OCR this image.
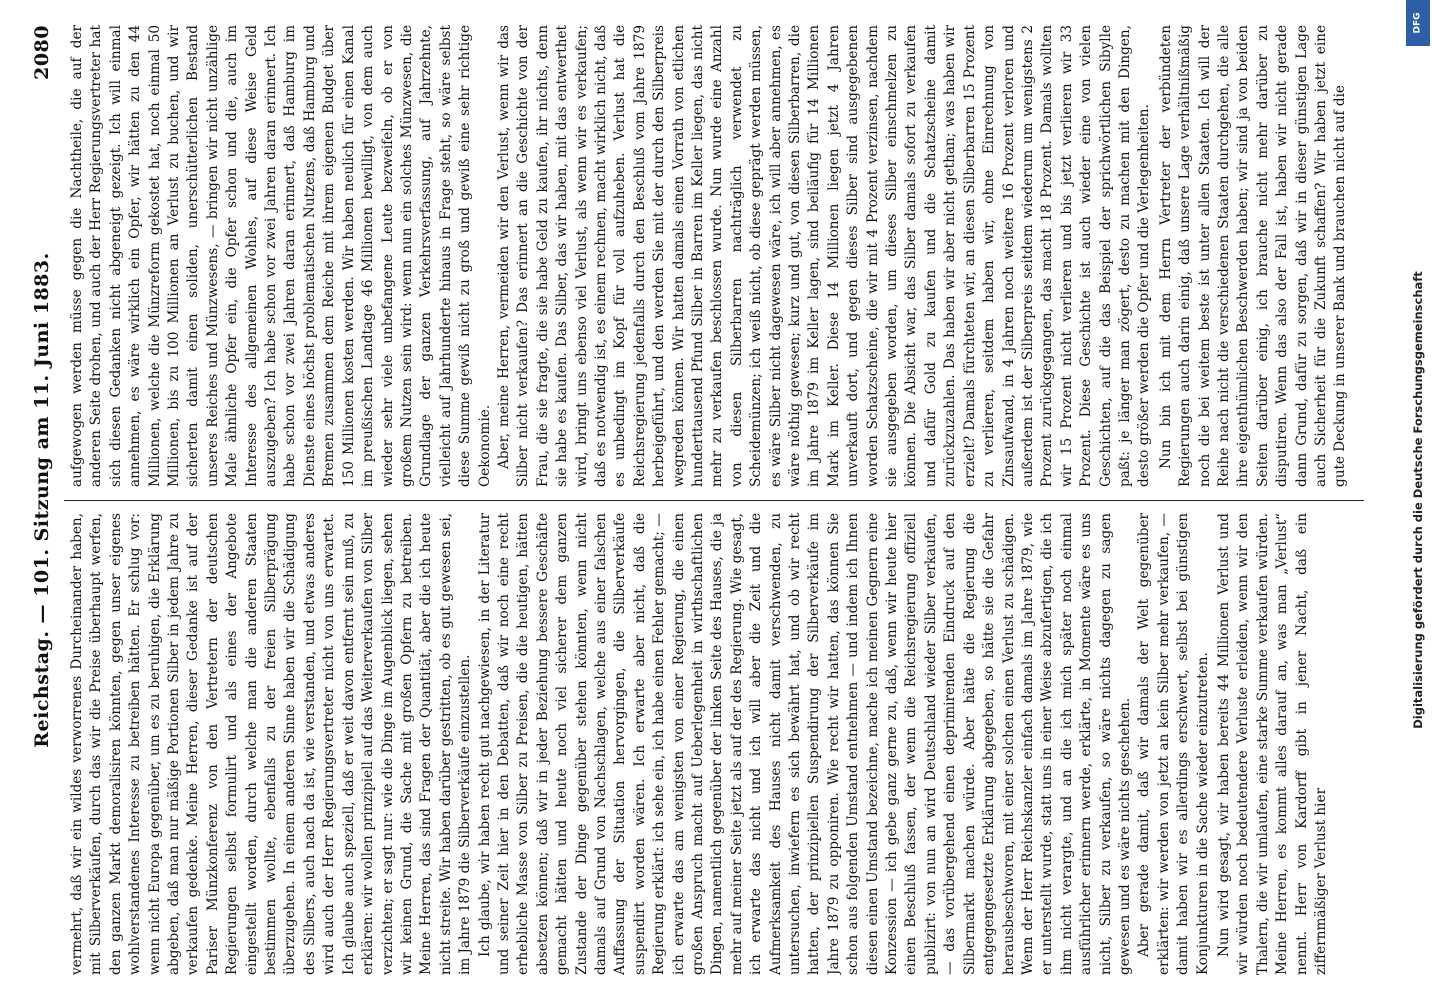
Reichstag. — 101. Sitzung am 11. Juni 1883.
2080

vermehrt, daß wir ein wildes verworrenes Durcheinander haben, mit Silberverkäufen, durch das wir die Preise überhaupt werfen, den ganzen Markt demoralisiren könnten, gegen unser eigenes wohlverstandenes Interesse zu betreiben hätten. Er schlug vor: wenn nicht Europa gegenüber, um es zu beruhigen, die Erklärung abgeben, daß man nur mäßige Portionen Silber in jedem Jahre zu verkaufen gedenke. Meine Herren, dieser Gedanke ist auf der Pariser Münzkonferenz von den Vertretern der deutschen Regierungen selbst formulirt und als eines der Angebote eingestellt worden, durch welche man die anderen Staaten bestimmen wollte, ebenfalls zu der freien Silberprägung überzugehen. In einem anderen Sinne haben wir die Schädigung des Silbers, auch nach da ist, wie verstanden, und etwas anderes wird auch der Herr Regierungsvertreter nicht von uns erwartet. Ich glaube auch speziell, daß er weit davon entfernt sein muß, zu erklären: wir wollen prinzipiell auf das Weiterverkaufen von Silber verzichten; er sagt nur: wie die Dinge im Augenblick liegen, sehen wir keinen Grund, die Sache mit großen Opfern zu betreiben. Meine Herren, das sind Fragen der Quantität, aber die ich heute nicht streite. Wir haben darüber gestritten, ob es gut gewesen sei, im Jahre 1879 die Silberverkäufe einzustellen. Ich glaube, wir haben recht gut nachgewiesen, in der Literatur und seiner Zeit hier in den Debatten, daß wir noch eine recht erhebliche Masse von Silber zu Preisen, die die heutigen, hätten absetzen können; daß wir in jeder Beziehung bessere Geschäfte gemacht hätten und heute noch viel sicherer dem ganzen Zustande der Dinge gegenüber stehen könnten, wenn nicht damals auf Grund von Nachschlagen, welche aus einer falschen Auffassung der Situation hervorgingen, die Silberverkäufe suspendirt worden wären. Ich erwarte aber nicht, daß die Regierung erklärt: ich sehe ein, ich habe einen Fehler gemacht; — ich erwarte das am wenigsten von einer Regierung, die einen großen Anspruch macht auf Ueberlegenheit in wirthschaftlichen Dingen, namentlich gegenüber der linken Seite des Hauses, die ja mehr auf meiner Seite jetzt als auf der des Regierung. Wie gesagt, ich erwarte das nicht und ich will aber die Zeit und die Aufmerksamkeit des Hauses nicht damit verschwenden, zu untersuchen, inwiefern es sich bewährt hat, und ob wir recht hatten, der prinzipiellen Suspendirung der Silberverkäufe im Jahre 1879 zu opponiren. Wie recht wir hatten, das können Sie schon aus folgenden Umstand entnehmen — und indem ich Ihnen diesen einen Umstand bezeichne, mache ich meinen Gegnern eine Konzession — ich gebe ganz gerne zu, daß, wenn wir heute hier einen Beschluß fassen, der wenn die Reichsregierung offiziell publizirt: von nun an wird Deutschland wieder Silber verkaufen, — das vorübergehend einen deprimirenden Eindruck auf den Silbermarkt machen würde. Aber hätte die Regierung die entgegengesetzte Erklärung abgegeben, so hätte sie die Gefahr herausbeschworen, mit einer solchen einen Verlust zu schädigen. Wenn der Herr Reichskanzler einfach damals im Jahre 1879, wie er unterstellt wurde, statt uns in einer Weise abzufertigen, die ich ihm nicht verargte, und an die ich mich später noch einmal ausführlicher erinnern werde, erklärte, in Momente wäre es uns nicht, Silber zu verkaufen, so wäre nichts dagegen zu sagen gewesen und es wäre nichts geschehen. Aber gerade damit, daß wir damals der Welt gegenüber erklärten: wir werden von jetzt an kein Silber mehr verkaufen, — damit haben wir es allerdings erschwert, selbst bei günstigen Konjunkturen in die Sache wieder einzutreten. Nun wird gesagt, wir haben bereits 44 Millionen Verlust und wir würden noch bedeutendere Verluste erleiden, wenn wir den Thalern, die wir umlaufen, eine starke Summe verkaufen würden. Meine Herren, es kommt alles darauf an, was man „Verlust“ nennt. Herr von Kardorff gibt in jener Nacht, daß ein ziffernmäßiger Verlust hier

aufgewogen werden müsse gegen die Nachtheile, die auf der anderen Seite drohen, und auch der Herr Regierungsvertreter hat sich diesen Gedanken nicht abgeneigt gezeigt. Ich will einmal annehmen, es wäre wirklich ein Opfer, wir hätten zu den 44 Millionen, welche die Münzreform gekostet hat, noch einmal 50 Millionen, bis zu 100 Millionen an Verlust zu buchen, und wir sicherten damit einen soliden, unerschütterlichen Bestand unseres Reiches und Münzwesens, — bringen wir nicht unzählige Male ähnliche Opfer ein, die Opfer schon und die, auch im Interesse des allgemeinen Wohles, auf diese Weise Geld auszugeben? Ich habe schon vor zwei Jahren daran erinnert. Ich habe schon vor zwei Jahren daran erinnert, daß Hamburg im Dienste eines höchst problematischen Nutzens, daß Hamburg und Bremen zusammen dem Reiche mit ihrem eigenen Budget über 150 Millionen kosten werden. Wir haben neulich für einen Kanal im preußischen Landtage 46 Millionen bewilligt, von dem auch wieder sehr viele unbefangene Leute bezweifeln, ob er von großem Nutzen sein wird: wenn nun ein solches Münzwesen, die Grundlage der ganzen Verkehrsverfassung, auf Jahrzehnte, vielleicht auf Jahrhunderte hinaus in Frage steht, so wäre selbst diese Summe gewiß nicht zu groß und gewiß eine sehr richtige Oekonomie. Aber, meine Herren, vermeiden wir den Verlust, wenn wir das Silber nicht verkaufen? Das erinnert an die Geschichte von der Frau, die sie fragte, die sie habe Geld zu kaufen, ihr nichts, denn sie habe es kaufen. Das Silber, das wir haben, mit das entwerthet wird, bringt uns ebenso viel Verlust, als wenn wir es verkaufen; daß es notwendig ist, es einem rechnen, macht wirklich nicht, daß es unbedingt im Kopf für voll aufzuheben. Verlust hat die Reichsregierung jedenfalls durch den Beschluß vom Jahre 1879 herbeigeführt, und den werden Sie mit der durch den Silberpreis wegreden können. Wir hatten damals einen Vorrath von etlichen hunderttausend Pfund Silber in Barren im Keller liegen, das nicht mehr zu verkaufen beschlossen wurde. Nun wurde eine Anzahl von diesen Silberbarren nachträglich verwendet zu Scheidemünzen; ich weiß nicht, ob diese geprägt werden müssen, es wäre Silber nicht dagewesen wäre, ich will aber annehmen, es wäre nöthig gewesen; kurz und gut, von diesen Silberbarren, die im Jahre 1879 im Keller lagen, sind beiläufig für 14 Millionen Mark im Keller. Diese 14 Millionen liegen jetzt 4 Jahren unverkauft dort, und gegen dieses Silber sind ausgegebenen worden Schatzscheine, die wir mit 4 Prozent verzinsen, nachdem sie ausgegeben worden, um dieses Silber einschmelzen zu können. Die Absicht war, das Silber damals sofort zu verkaufen und dafür Gold zu kaufen und die Schatzscheine damit zurückzuzahlen. Das haben wir aber nicht gethan; was haben wir erzielt? Damals fürchteten wir, an diesen Silberbarren 15 Prozent zu verlieren, seitdem haben wir, ohne Einrechnung von Zinsaufwand, in 4 Jahren noch weitere 16 Prozent verloren und außerdem ist der Silberpreis seitdem wiederum um wenigstens 2 Prozent zurückgegangen, das macht 18 Prozent. Damals wollten wir 15 Prozent nicht verlieren und bis jetzt verlieren wir 33 Prozent. Diese Geschichte ist auch wieder eine von vielen Geschichten, auf die das Beispiel der sprichwörtlichen Sibylle paßt: je länger man zögert, desto zu machen mit den Dingen, desto größer werden die Opfer und die Verlegenheiten. Nun bin ich mit dem Herrn Vertreter der verbündeten Regierungen auch darin einig, daß unsere Lage verhältnißmäßig noch die bei weitem beste ist unter allen Staaten. Ich will der Reihe nach nicht die verschiedenen Staaten durchgehen, die alle ihre eigenthümlichen Beschwerden haben; wir sind ja von beiden Seiten darüber einig, ich brauche nicht mehr darüber zu disputiren. Wenn das also der Fall ist, haben wir nicht gerade dann Grund, dafür zu sorgen, daß wir in dieser günstigen Lage auch Sicherheit für die Zukunft schaffen? Wir haben jetzt eine gute Deckung in unserer Bank und brauchen nicht auf die

DFG
Digitalisierung gefördert durch die Deutsche Forschungsgemeinschaft
